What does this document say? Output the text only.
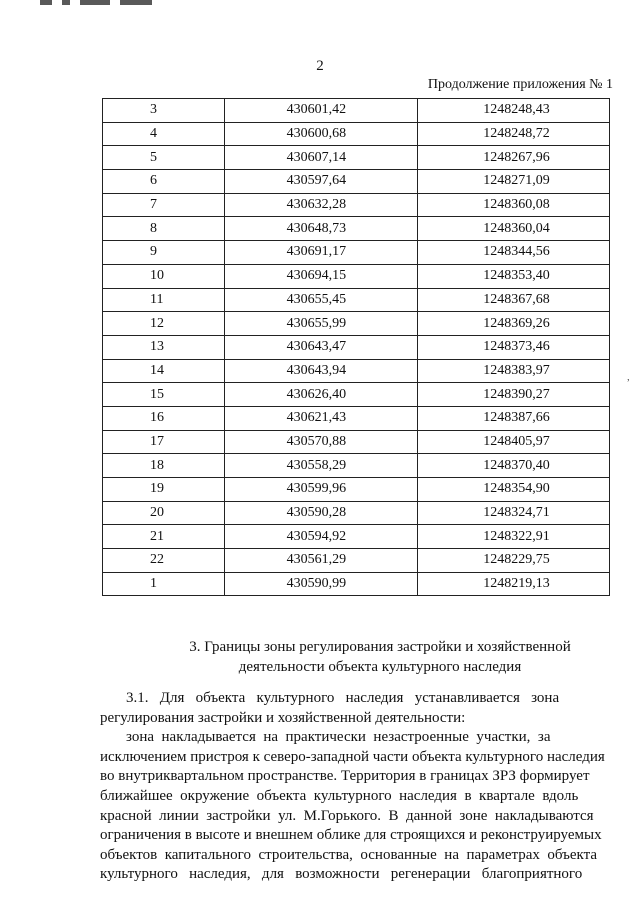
2
Продолжение приложения № 1
,
3	430601,42	1248248,43
4	430600,68	1248248,72
5	430607,14	1248267,96
6	430597,64	1248271,09
7	430632,28	1248360,08
8	430648,73	1248360,04
9	430691,17	1248344,56
10	430694,15	1248353,40
11	430655,45	1248367,68
12	430655,99	1248369,26
13	430643,47	1248373,46
14	430643,94	1248383,97
15	430626,40	1248390,27
16	430621,43	1248387,66
17	430570,88	1248405,97
18	430558,29	1248370,40
19	430599,96	1248354,90
20	430590,28	1248324,71
21	430594,92	1248322,91
22	430561,29	1248229,75
1	430590,99	1248219,13
3. Границы зоны регулирования застройки и хозяйственной
деятельности объекта культурного наследия
3.1.   Для   объекта   культурного   наследия   устанавливается   зона
регулирования застройки и хозяйственной деятельности:
зона  накладывается  на  практически  незастроенные  участки,  за
исключением пристроя к северо-западной части объекта культурного наследия
во внутриквартальном пространстве. Территория в границах ЗРЗ формирует
ближайшее  окружение  объекта  культурного  наследия  в  квартале  вдоль
красной  линии  застройки  ул.  М.Горького.  В  данной  зоне  накладываются
ограничения в высоте и внешнем облике для строящихся и реконструируемых
объектов  капитального  строительства,  основанные  на  параметрах  объекта
культурного   наследия,   для   возможности   регенерации   благоприятного
